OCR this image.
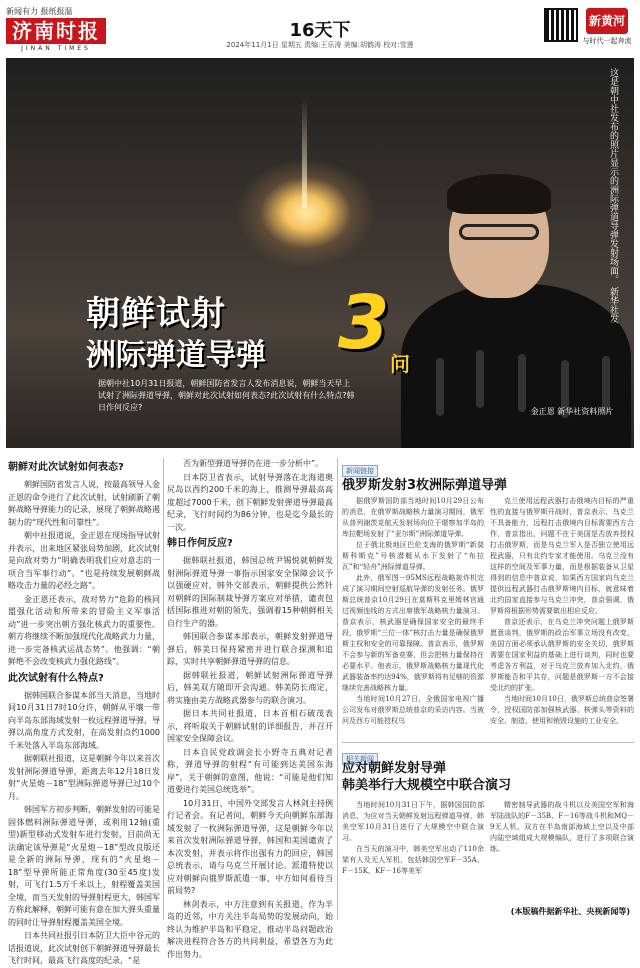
新闻有力 报纸报温
济南时报
JINAN TIMES
16天下
2024年11月1日 星期五 责编:王乐涛 美编:胡鹤涛 校对:雪莲
新黄河
与时代一起奔流
这是朝中社发布的照片显示的洲际弹道导弹发射场面。 新华社发
金正恩 新华社资料照片
朝鲜试射
洲际弹道导弹 3 问
据朝中社10月31日报道，朝鲜国防省发言人发布消息说，朝鲜当天早上试射了洲际弹道导弹，朝鲜对此次试射如何表态?此次试射有什么特点?韩日作何反应?
朝鲜对此次试射如何表态?

朝鲜国防省发言人说，按最高领导人金正恩的命令进行了此次试射，试射刷新了朝鲜战略导弹能力的记录，展现了朝鲜战略遏制力的“现代性和可靠性”。

朝中社报道说，金正恩在现场指导试射并表示，出来地区紧张局势加剧，此次试射是向敌对势力“明确表明我们应对意志的一项合当军事行动”。“也是持续发展朝鲜战略攻击力量的必经之路”。

金正恩还表示，敌对势力“危险的核同盟强化活动和所带来的冒险主义军事活动”进一步突出朝方强化核武力的重要性。朝方将继续不断加强现代化战略武力力量，进一步完备核武运战态势”。他强调：“朝鲜绝不会改变核武力强化路线”。

此次试射有什么特点?

据韩国联合参谋本部当天消息，当地时间10月31日7时10分许，朝鲜从平壤一带向半岛东部海域发射一枚远程弹道导弹，导弹以高角度方式发射，在高发射点约1000千米处落入半岛东部海域。

据朝联社报道，这是朝鲜今年以来首次发射洲际弹道导弹，距离去年12月18日发射“火星炮－18”型洲际弹道导弹已过10个月。

韩国军方初步判断，朝鲜发射的可能是固体燃料洲际弹道导弹，或利用12轴(重型)新型移动式发射车进行发射，目前尚无法确定该导弹是“火星炮－18”型改良版还是全新的洲际导弹，现有的“火星炮－18”型导弹所能正常角度(30至45度)发射，可飞行1.5万千米以上，射程覆盖美国全境，而当天发射的导弹射程更大，韩国军方称此解释，朝鲜可能有意在加大弹头重量的同时让导弹射程覆盖美国全境。

日本共同社报引日本防卫大臣中谷元的话报道说，此次试射创下朝鲜弹道导弹最长飞行时间，最高飞行高度的纪录，“是

否为新型弹道导弹仍在进一步分析中”。

日本防卫省表示，试射导弹落在北海道奥尻岛以西约200千米的海上，推测导弹最高高度超过7000千米，创下朝鲜发射弹道导弹最高纪录，飞行时间约为86分钟，也是迄今最长的一次。

韩日作何反应?

据韩联社报道，韩国总统尹锡悦就朝鲜发射洲际弹道导弹一事指示国家安全保障会议予以强硬应对，韩外交部表示，朝鲜提供公然针对朝鲜的国际制裁导弹方案应对举措，谴责包括国际推进对朝的领先，强调着15种朝鲜相关自行生产的器。

韩国联合参谋本部表示，朝鲜发射弹道导弹后，韩美日保持紧密并进行联合探测和追踪，实时共享朝鲜弹道导弹的信息。

据韩联社报道，朝鲜试射洲际弹道导弹后，韩美双方随即开会沟通。韩美防长商定，将实施由美方战略武器参与的联合演习。

据日本共同社报道，日本首相石破茂表示，将听取关于朝鲜试射的详细报告，并召开国家安全保障会议。

日本自民党政调会长小野寺五典对记者称，弹道导弹的射程“有可能到达美国东海岸”，关于朝鲜的意图，他说：“可能是他们知道要进行美国总统选举”。

10月31日，中国外交部发言人林剑主持例行记者会。有记者问，朝鲜今天向朝鲜东部海域发射了一枚洲际弹道导弹，这是朝鲜今年以来首次发射洲际弹道导弹，韩国和美国谴责了本次发射，并表示将作出强有力的回应，韩国总统表示，请与乌克兰开展讨论。派遣特使以应对朝鲜向俄罗斯派遣一事，中方如何看待当前局势?

林剑表示，中方注意到有关报道，作为半岛的近邻，中方关注半岛局势的发展动向，始终认为维护半岛和平稳定，推动半岛问题政治解决进程符合各方的共同利益，希望各方为此作出努力。

新闻链接
俄罗斯发射3枚洲际弹道导弹

据俄罗斯国防部当地时间10月29日公布的消息，在俄罗斯战略核力量演习期间，俄军从普列谢茨克航天发射场向位于堪察加半岛的库拉靶场发射了“亚尔斯”洲际弹道导弹。

位于俄北极地区巴伦支海的俄罗斯“新莫斯科斯克”号核潜艇从水下发射了“布拉瓦”和“轻舟”洲际弹道导弹。

此外，俄军图－95MS远程战略轰炸机完成了演习期间空射巡航导弹的发射任务。俄罗斯总统普京10月29日在莫斯科克里姆林宫通过视频连线的方式出席俄军战略核力量演习。普京表示，核武器是确保国家安全的最终手段，俄罗斯“三位一体”核打击力量是确保俄罗斯主权和安全的可靠保障。普京表示，俄罗斯不会参与新的军备竞赛，但会把核力量保持在必要水平。他表示，俄罗斯战略核力量现代化武器装备率约达94%，俄罗斯将有足够的资源继续完善战略核力量。

当地时间10月27日，全俄国家电视广播公司发布对俄罗斯总统普京的采访内容。当被问及西方可能授权乌

克兰使用远程武器打击俄境内目标的严重性的直接与俄罗斯开战时，普京表示，乌克兰不具备能力，远程打击俄境内目标需要西方合作，普京指出，问题不在于美国是否放弃授权打击俄罗斯，而是乌克兰军人是否独立使用远程武器，只有北约专家才能使用。乌克兰没有这样的空间及军事力量，而是根据装备从卫星得到的信息中普京说，如果西方国家向乌克兰提供远程武器打击俄罗斯境内目标，就意味着北约国家直接参与乌克兰冲突，普京强调，俄罗斯将根据形势需要做出相应反应。

普京还表示，在乌克兰冲突问题上俄罗斯愿意谈判，俄罗斯的政治军事立场没有改变，美国方面必须承认俄罗斯的安全关切，俄罗斯需要在国家利益的基础上进行谈判，同时也要考虑各方利益，对于乌克兰放弃加入北约，俄罗斯能否和平共存，问题是俄罗斯一方不会接受北约的扩张。

当地时间10月10日，俄罗斯总统普京签署令，授权国防部加强核武器、核弹头等资料的安全、制造、使用和销毁设施的工业安全。

相关新闻
应对朝鲜发射导弹
韩美举行大规模空中联合演习

当地时间10月31日下午，据韩国国防部消息，为应对当天朝鲜发射远程弹道导弹，韩美空军10月31日进行了大规模空中联合演习。

在当天的演习中，韩美空军出动了110余架有人及无人军机，包括韩国空军F－35A、F－15K、KF－16等美军

精密制导武器的战斗机以及美国空军和海军陆战队的F－35B、F－16等战斗机和MQ－9无人机。双方在半岛南部海域上空以及中部内陆空域组成大规模编队，进行了多项联合演练。

(本版稿件据新华社、央视新闻等)
